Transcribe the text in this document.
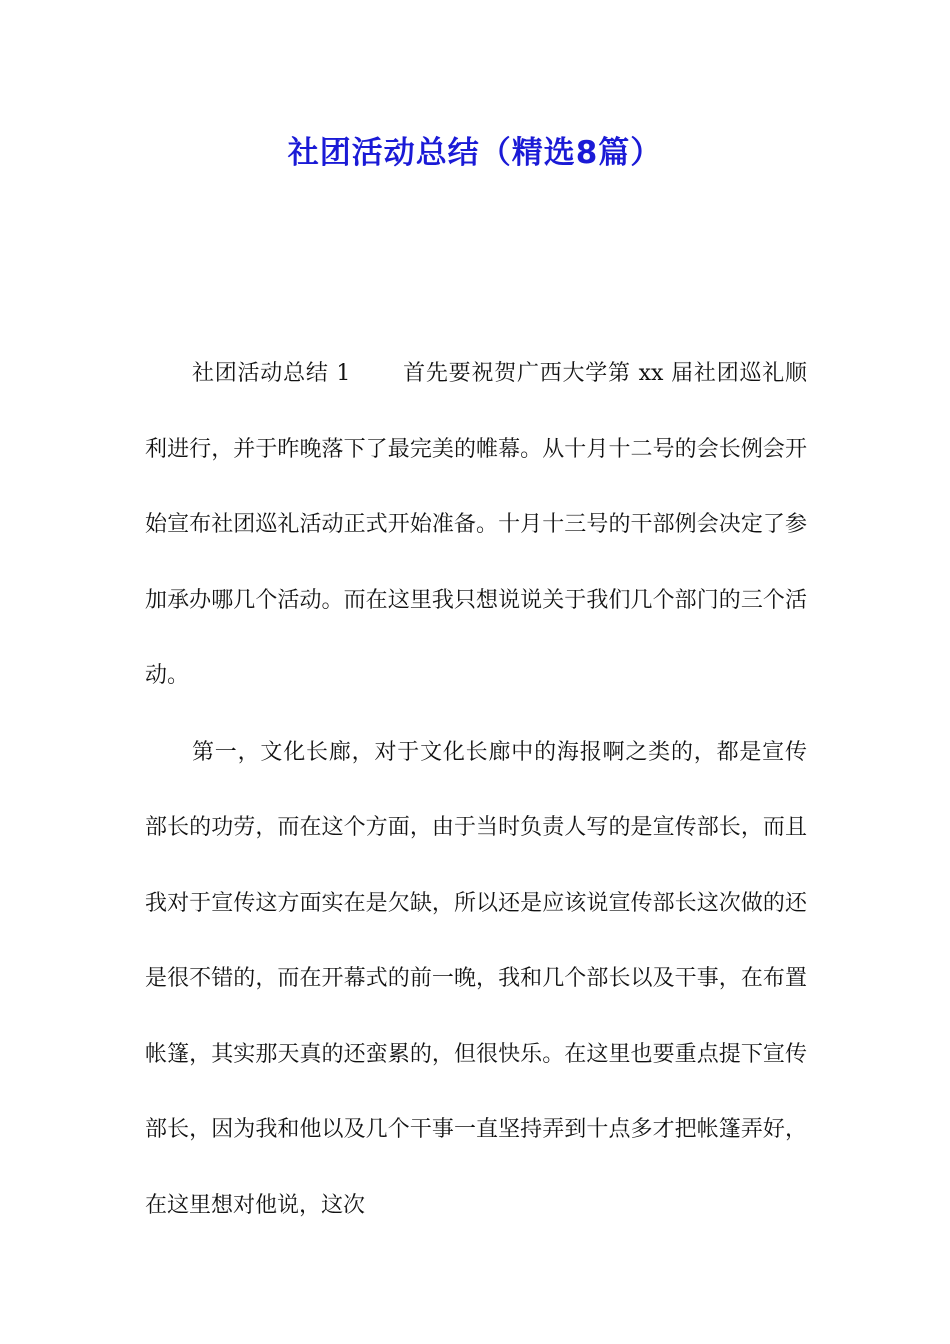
社团活动总结（精选8篇）

社团活动总结 1 首先要祝贺广西大学第 xx 届社团巡礼顺利进行，并于昨晚落下了最完美的帷幕。从十月十二号的会长例会开始宣布社团巡礼活动正式开始准备。十月十三号的干部例会决定了参加承办哪几个活动。而在这里我只想说说关于我们几个部门的三个活动。

第一，文化长廊，对于文化长廊中的海报啊之类的，都是宣传部长的功劳，而在这个方面，由于当时负责人写的是宣传部长，而且我对于宣传这方面实在是欠缺，所以还是应该说宣传部长这次做的还是很不错的，而在开幕式的前一晚，我和几个部长以及干事，在布置帐篷，其实那天真的还蛮累的，但很快乐。在这里也要重点提下宣传部长，因为我和他以及几个干事一直坚持弄到十点多才把帐篷弄好，在这里想对他说，这次
